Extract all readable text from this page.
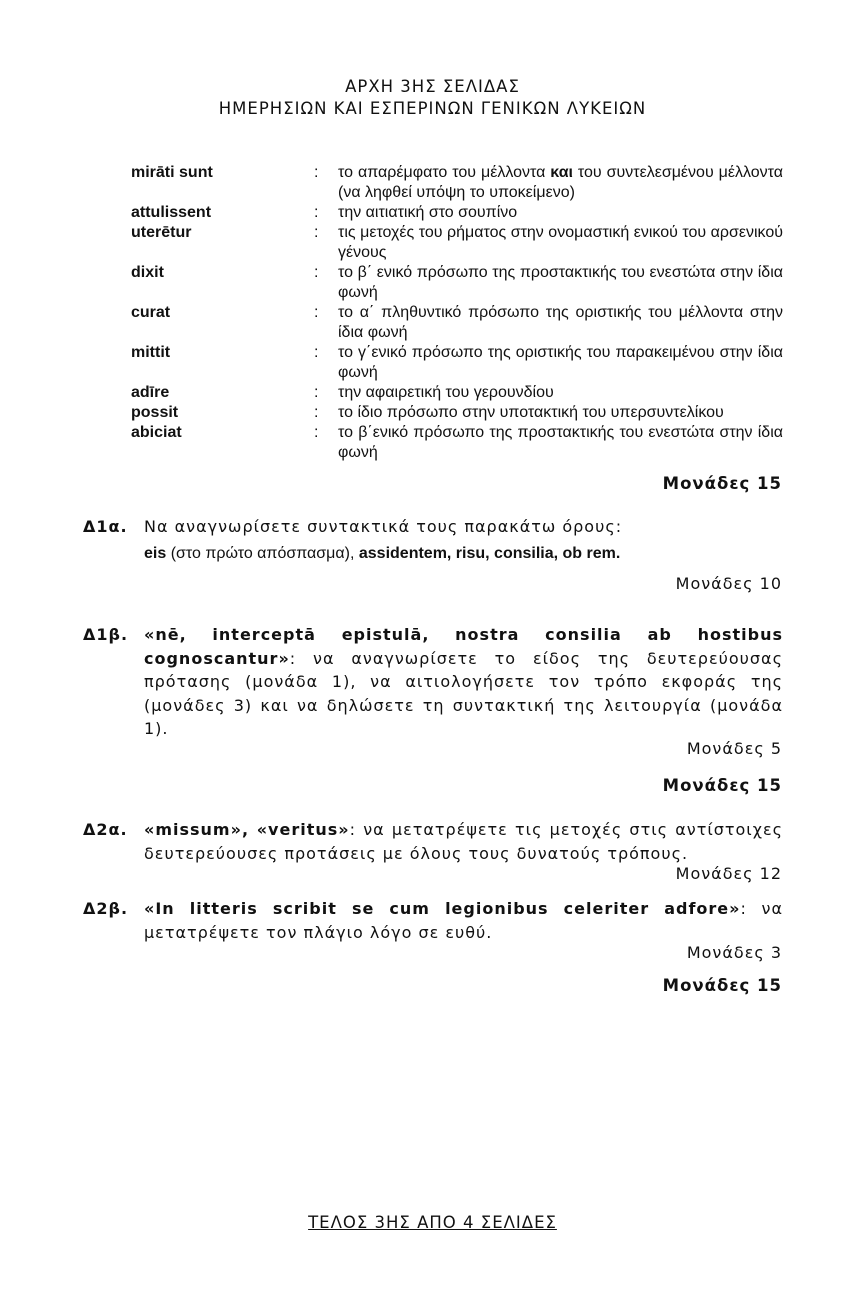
ΑΡΧΗ 3ΗΣ ΣΕΛΙΔΑΣ
ΗΜΕΡΗΣΙΩΝ ΚΑΙ ΕΣΠΕΡΙΝΩΝ ΓΕΝΙΚΩΝ ΛΥΚΕΙΩΝ
mirāti sunt	:	το απαρέμφατο του μέλλοντα και του συντελεσμένου μέλλοντα (να ληφθεί υπόψη το υποκείμενο)
attulissent	:	την αιτιατική στο σουπίνο
uterētur	:	τις μετοχές του ρήματος στην ονομαστική ενικού του αρσενικού γένους
dixit	:	το β΄ ενικό πρόσωπο της προστακτικής του ενεστώτα στην ίδια φωνή
curat	:	το α΄ πληθυντικό πρόσωπο της οριστικής του μέλλοντα στην ίδια φωνή
mittit	:	το γ΄ενικό πρόσωπο της οριστικής του παρακειμένου στην ίδια φωνή
adīre	:	την αφαιρετική του γερουνδίου
possit	:	το ίδιο πρόσωπο στην υποτακτική του υπερσυντελίκου
abiciat	:	το β΄ενικό πρόσωπο της προστακτικής του ενεστώτα στην ίδια φωνή
Μονάδες 15
Δ1α. Να αναγνωρίσετε συντακτικά τους παρακάτω όρους:
eis (στο πρώτο απόσπασμα), assidentem, risu, consilia, ob rem.
Μονάδες 10
Δ1β. «nē, interceptā epistulā, nostra consilia ab hostibus cognoscantur»: να αναγνωρίσετε το είδος της δευτερεύουσας πρότασης (μονάδα 1), να αιτιολογήσετε τον τρόπο εκφοράς της (μονάδες 3) και να δηλώσετε τη συντακτική της λειτουργία (μονάδα 1).
Μονάδες 5
Μονάδες 15
Δ2α. «missum», «veritus»: να μετατρέψετε τις μετοχές στις αντίστοιχες δευτερεύουσες προτάσεις με όλους τους δυνατούς τρόπους.
Μονάδες 12
Δ2β. «In litteris scribit se cum legionibus celeriter adfore»: να μετατρέψετε τον πλάγιο λόγο σε ευθύ.
Μονάδες 3
Μονάδες 15
ΤΕΛΟΣ 3ΗΣ ΑΠΟ 4 ΣΕΛΙΔΕΣ
